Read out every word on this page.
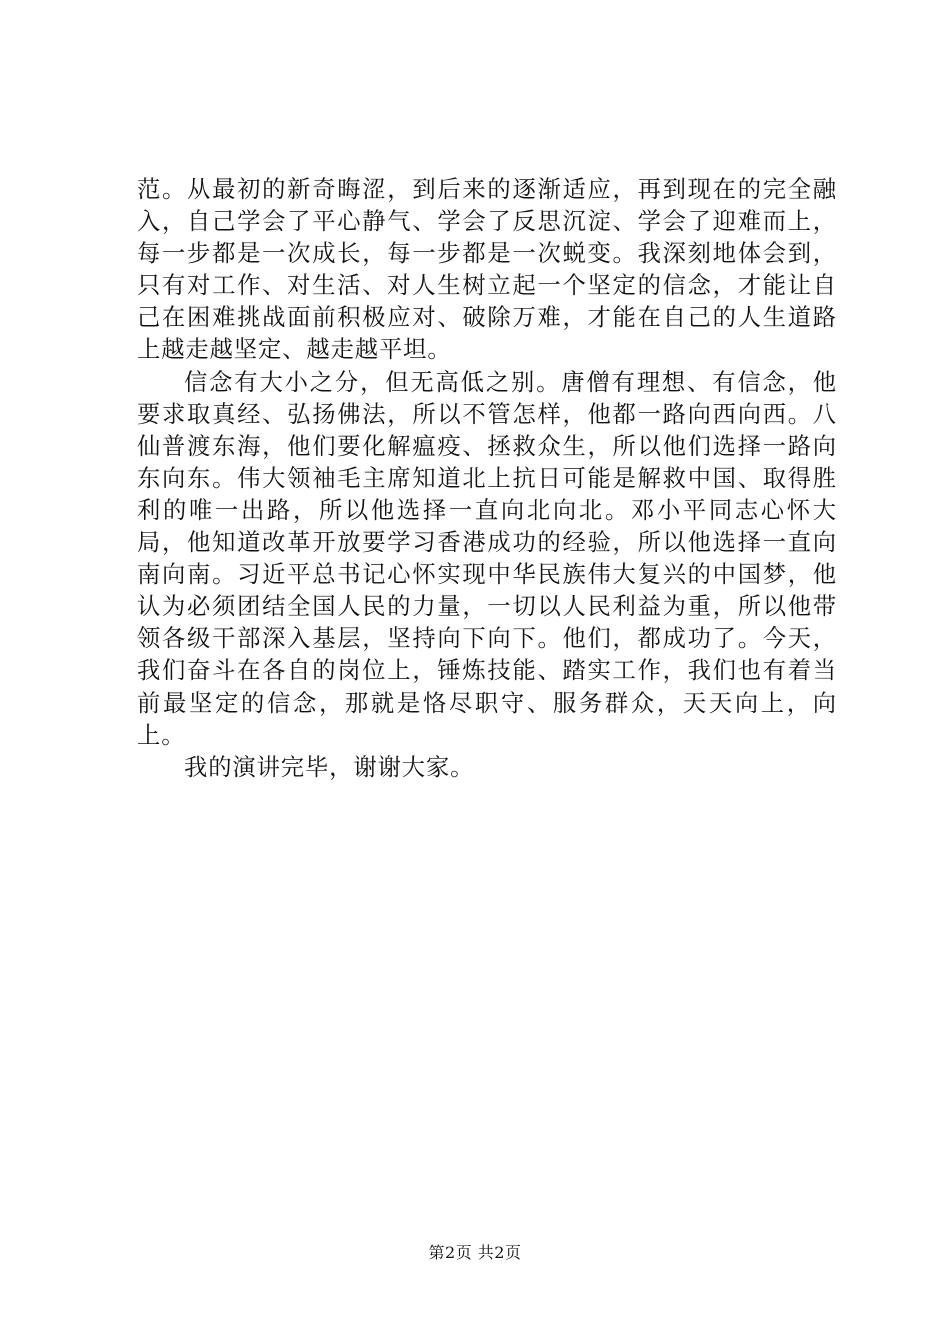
范。从最初的新奇晦涩，到后来的逐渐适应，再到现在的完全融入，自己学会了平心静气、学会了反思沉淀、学会了迎难而上，每一步都是一次成长，每一步都是一次蜕变。我深刻地体会到，只有对工作、对生活、对人生树立起一个坚定的信念，才能让自己在困难挑战面前积极应对、破除万难，才能在自己的人生道路上越走越坚定、越走越平坦。

信念有大小之分，但无高低之别。唐僧有理想、有信念，他要求取真经、弘扬佛法，所以不管怎样，他都一路向西向西。八仙普渡东海，他们要化解瘟疫、拯救众生，所以他们选择一路向东向东。伟大领袖毛主席知道北上抗日可能是解救中国、取得胜利的唯一出路，所以他选择一直向北向北。邓小平同志心怀大局，他知道改革开放要学习香港成功的经验，所以他选择一直向南向南。习近平总书记心怀实现中华民族伟大复兴的中国梦，他认为必须团结全国人民的力量，一切以人民利益为重，所以他带领各级干部深入基层，坚持向下向下。他们，都成功了。今天，我们奋斗在各自的岗位上，锤炼技能、踏实工作，我们也有着当前最坚定的信念，那就是恪尽职守、服务群众，天天向上，向上。

我的演讲完毕，谢谢大家。

第2页 共2页
